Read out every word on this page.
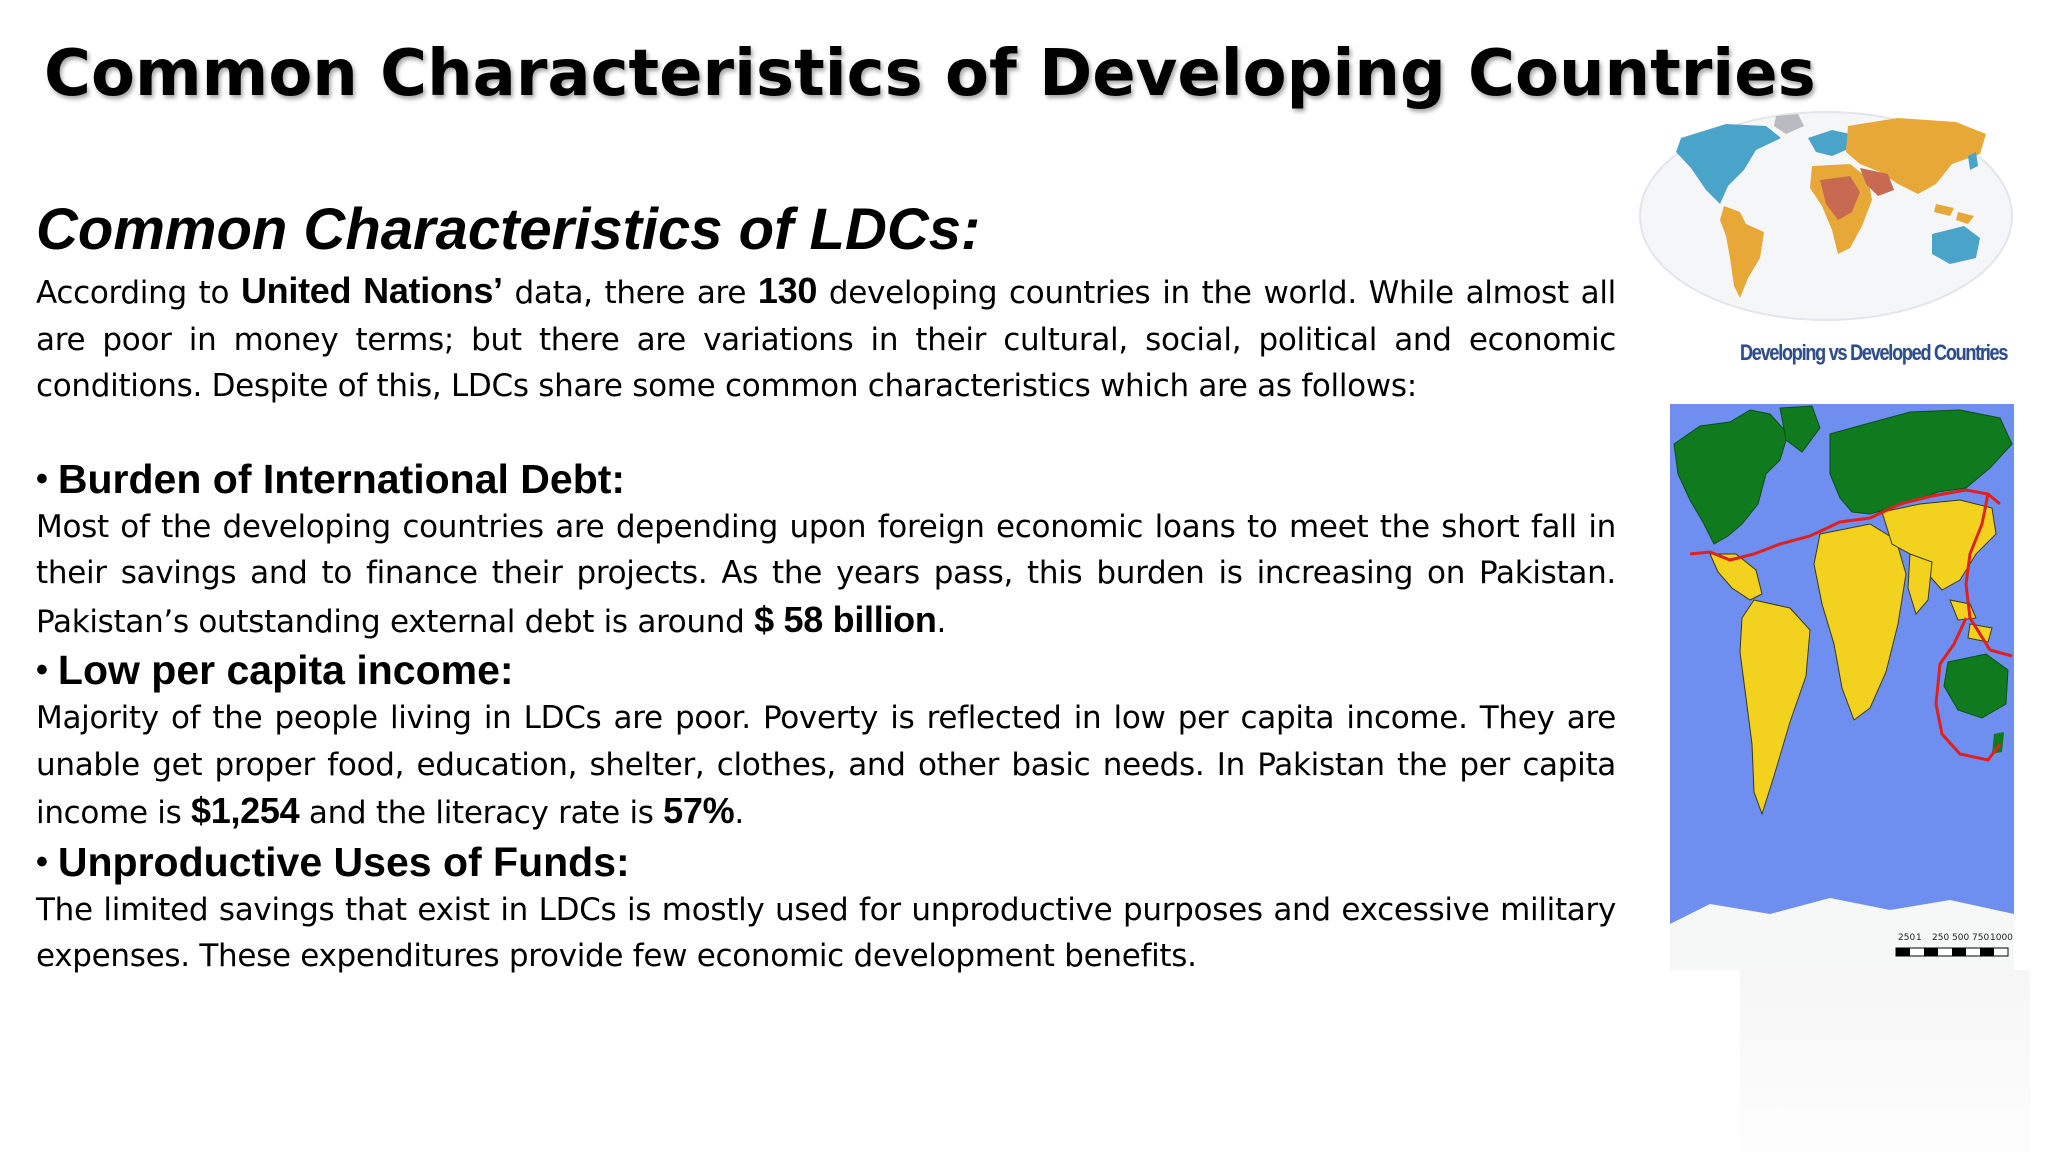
Common Characteristics of Developing Countries

Common Characteristics of LDCs:

According to United Nations’ data, there are 130 developing countries in the world. While almost all are poor in money terms; but there are variations in their cultural, social, political and economic conditions. Despite of this, LDCs share some common characteristics which are as follows:

• Burden of International Debt:

Most of the developing countries are depending upon foreign economic loans to meet the short fall in their savings and to finance their projects. As the years pass, this burden is increasing on Pakistan. Pakistan’s outstanding external debt is around $ 58 billion.

• Low per capita income:

Majority of the people living in LDCs are poor. Poverty is reflected in low per capita income. They are unable get proper food, education, shelter, clothes, and other basic needs. In Pakistan the per capita income is $1,254 and the literacy rate is 57%.

• Unproductive Uses of Funds:

The limited savings that exist in LDCs is mostly used for unproductive purposes and excessive military expenses. These expenditures provide few economic development benefits.

Developing vs Developed Countries
250 1 250 500 750 1000
